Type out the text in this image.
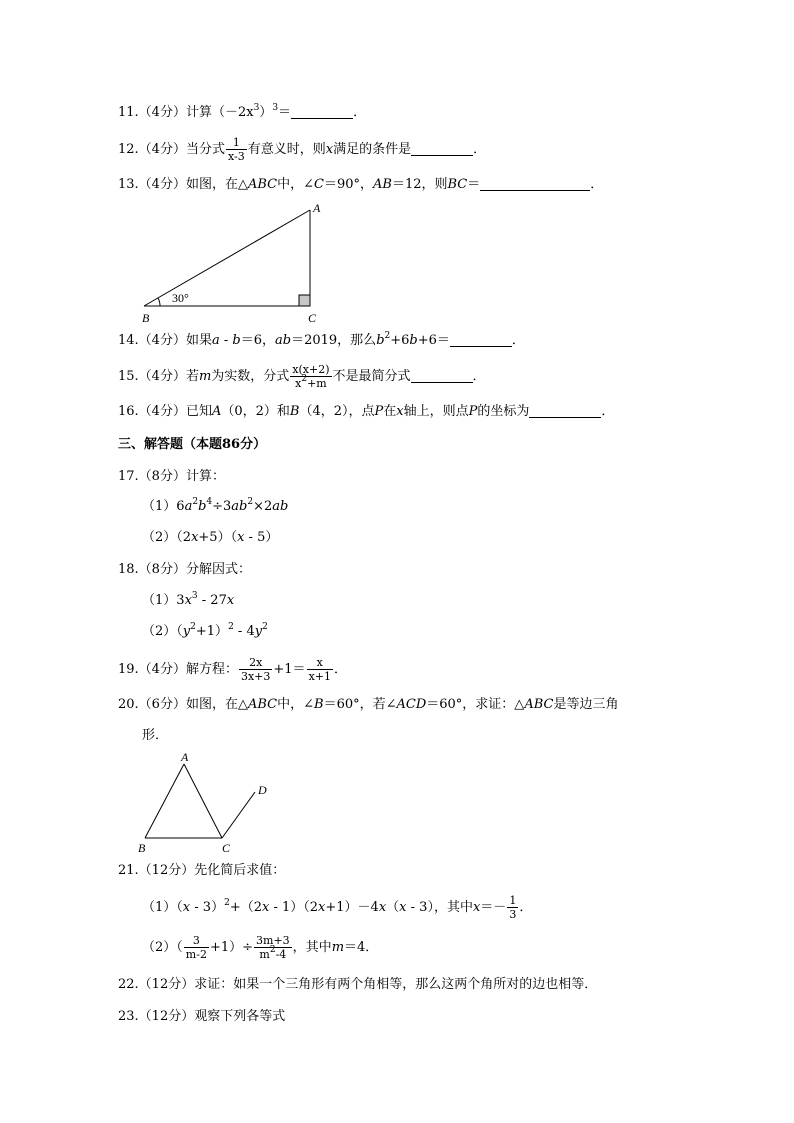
11.（4分）计算$(-2x^3)^3=$	．
12.（4分）当分式 $\frac{1}{x-3}$ 有意义时，则x满足的条件是	．
13.（4分）如图，在△ABC中，∠C＝90°，AB＝12，则BC＝	．
30°
A
B	C
14.（4分）如果a - b＝6，ab＝2019，那么$b^2+6b+6=$	．
15.（4分）若m为实数，分式 $\frac{x(x+2)}{x^2+m}$ 不是最简分式	．
16.（4分）已知A（0，2）和B（4，2），点P在x轴上，则点P的坐标为	．
三、解答题（本题86分）
17.（8分）计算：
$(1)6a^2b^4\div 3ab^2\times 2ab$
（2）（2x+5）（x - 5）
18.（8分）分解因式：
$(1)3x^3 - 27x$
$(2)(y^2+1)^2 - 4y^2$
19.（4分）解方程： $\frac{2x}{3x+3} +1= \frac{x}{x+1}$ ．
20.（6分）如图，在△ABC中，∠B＝60°，若∠ACD＝60°，求证：△ABC是等边三角
形．
A
B	C
D
21.（12分）先化简后求值：
（1）（x - 3）$^2$+（2x - 1）（2x+1）－4x（x - 3），其中$x=- \frac{1}{3}$ ．
$(2)( \frac{3}{m-2} +1)\div \frac{3m+3}{m^2-4}$ ，其中m＝4．
22.（12分）求证：如果一个三角形有两个角相等，那么这两个角所对的边也相等．
23.（12分）观察下列各等式
